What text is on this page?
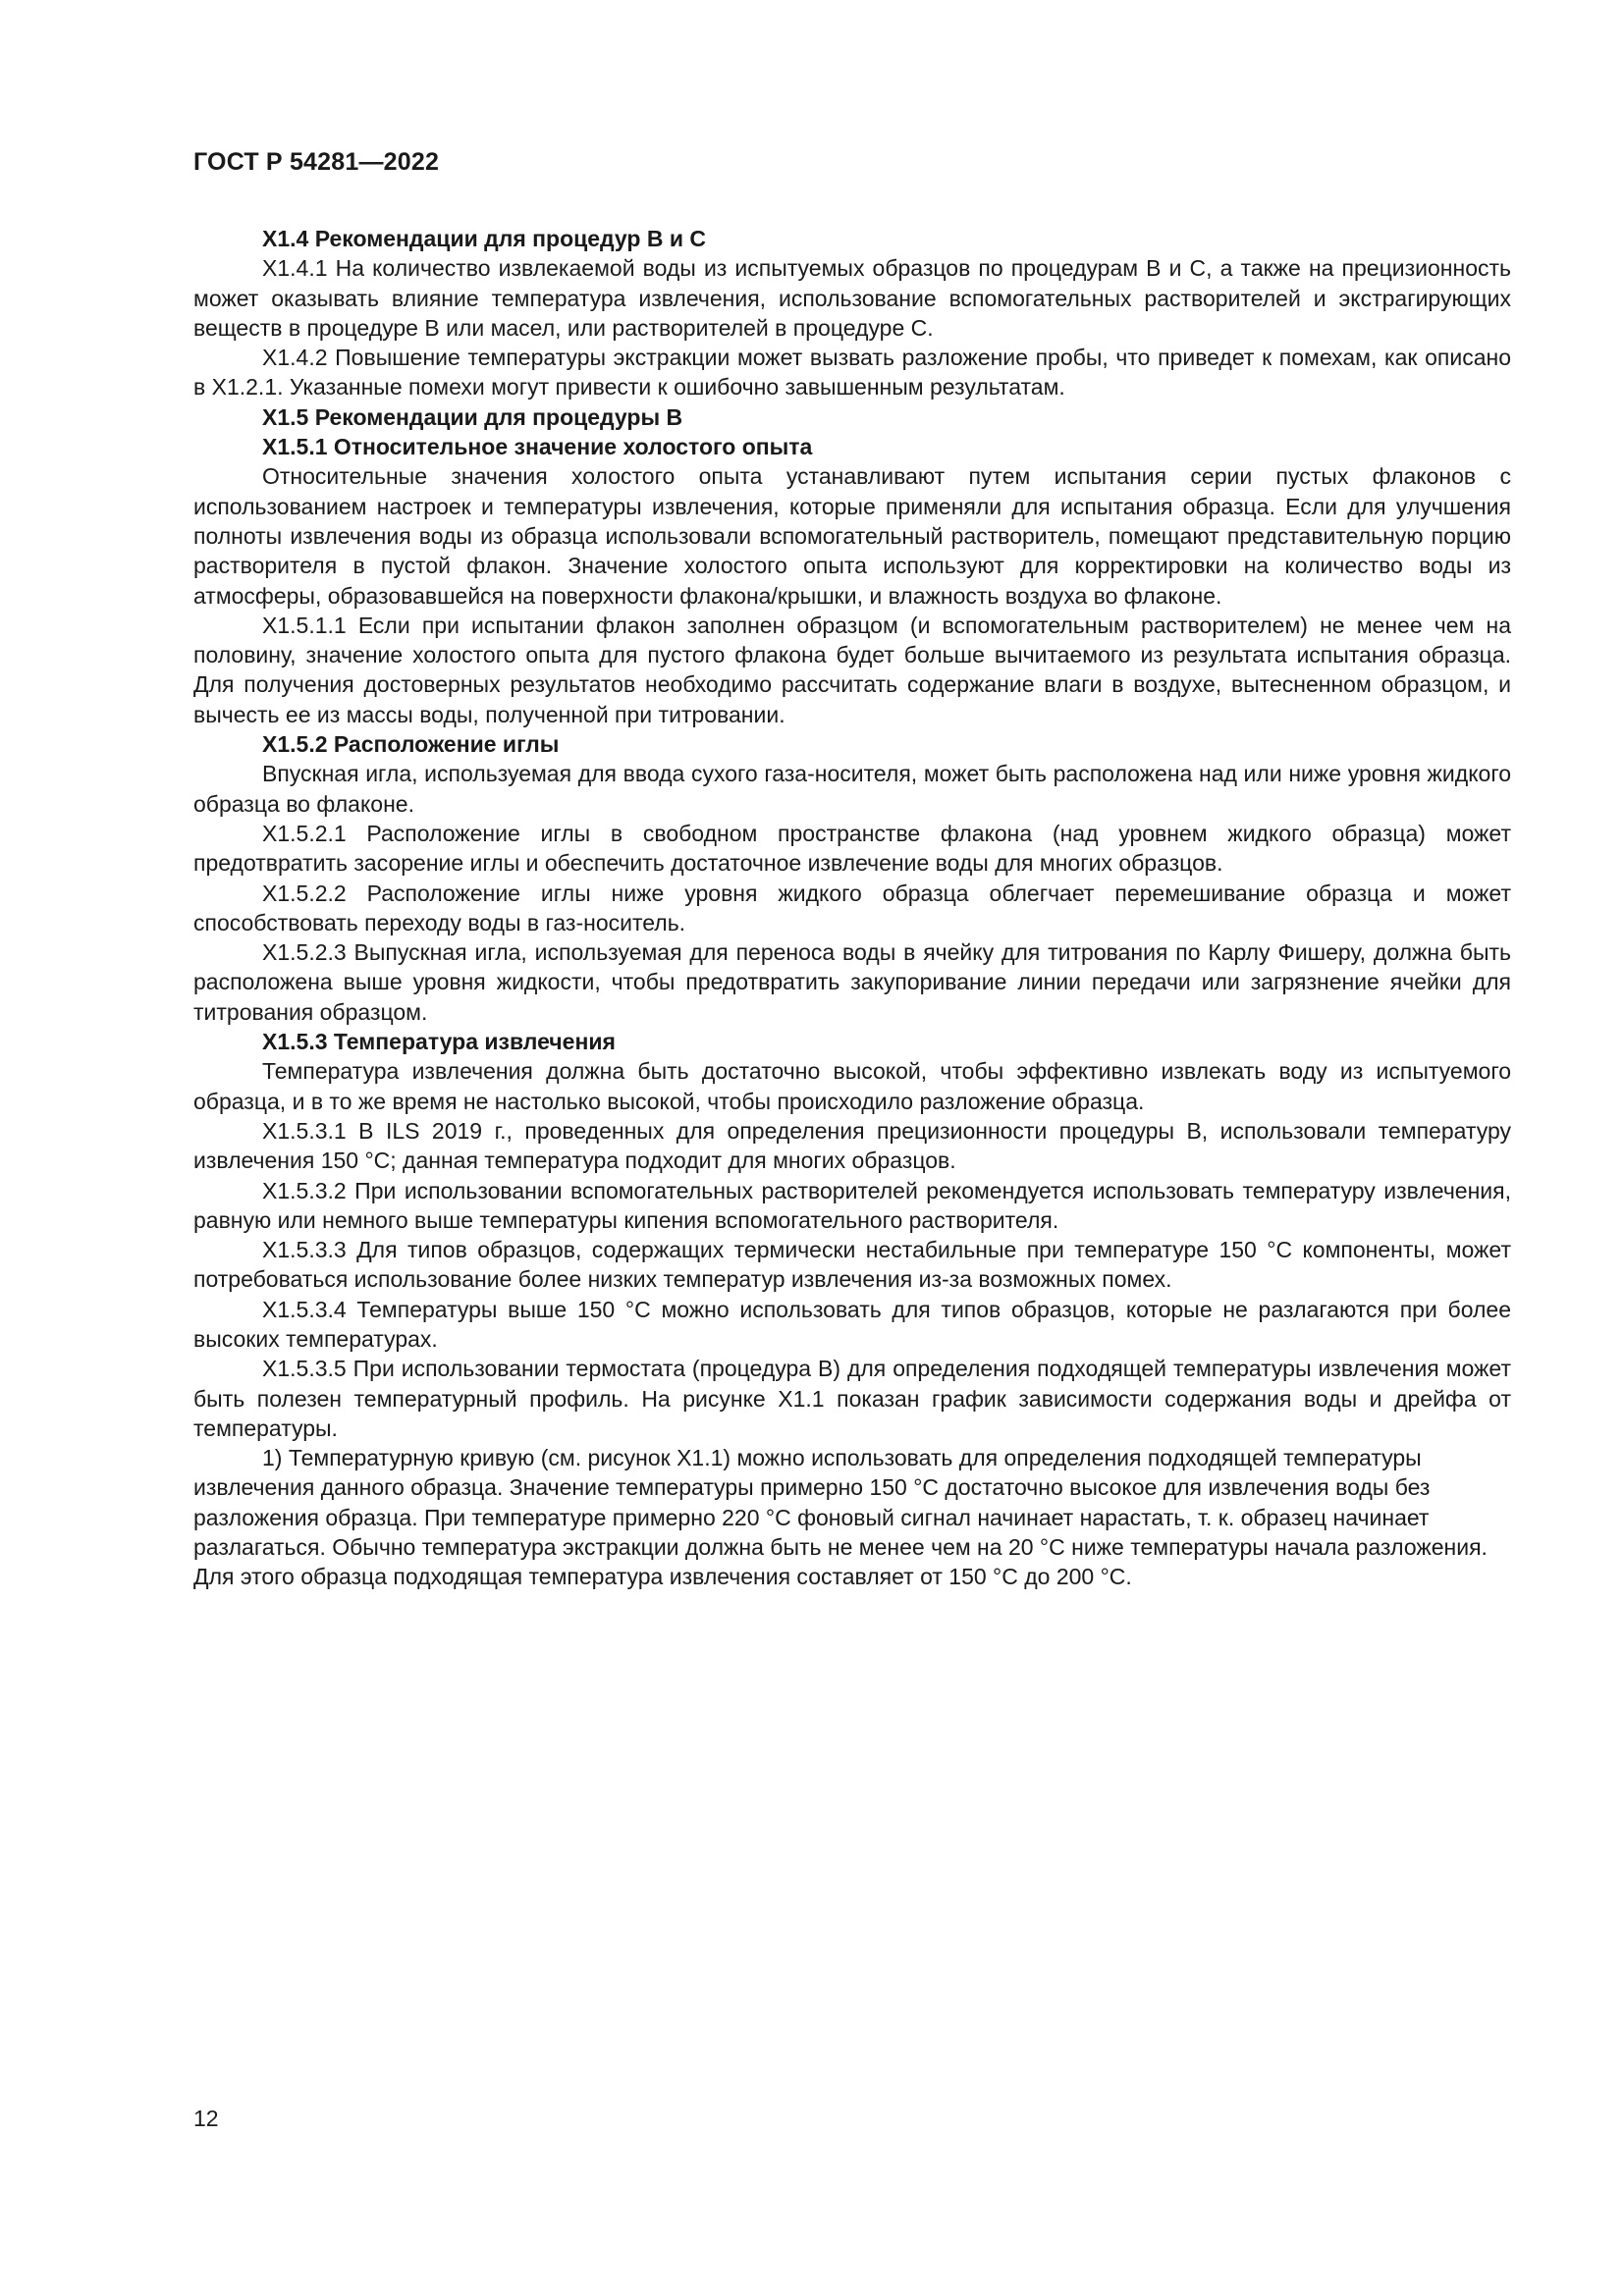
ГОСТ Р 54281—2022

X1.4 Рекомендации для процедур B и C

X1.4.1 На количество извлекаемой воды из испытуемых образцов по процедурам B и C, а также на прецизионность может оказывать влияние температура извлечения, использование вспомогательных растворителей и экстрагирующих веществ в процедуре B или масел, или растворителей в процедуре C.

X1.4.2 Повышение температуры экстракции может вызвать разложение пробы, что приведет к помехам, как описано в X1.2.1. Указанные помехи могут привести к ошибочно завышенным результатам.

X1.5 Рекомендации для процедуры B

X1.5.1 Относительное значение холостого опыта

Относительные значения холостого опыта устанавливают путем испытания серии пустых флаконов с использованием настроек и температуры извлечения, которые применяли для испытания образца. Если для улучшения полноты извлечения воды из образца использовали вспомогательный растворитель, помещают представительную порцию растворителя в пустой флакон. Значение холостого опыта используют для корректировки на количество воды из атмосферы, образовавшейся на поверхности флакона/крышки, и влажность воздуха во флаконе.

X1.5.1.1 Если при испытании флакон заполнен образцом (и вспомогательным растворителем) не менее чем на половину, значение холостого опыта для пустого флакона будет больше вычитаемого из результата испытания образца. Для получения достоверных результатов необходимо рассчитать содержание влаги в воздухе, вытесненном образцом, и вычесть ее из массы воды, полученной при титровании.

X1.5.2 Расположение иглы

Впускная игла, используемая для ввода сухого газа-носителя, может быть расположена над или ниже уровня жидкого образца во флаконе.

X1.5.2.1 Расположение иглы в свободном пространстве флакона (над уровнем жидкого образца) может предотвратить засорение иглы и обеспечить достаточное извлечение воды для многих образцов.

X1.5.2.2 Расположение иглы ниже уровня жидкого образца облегчает перемешивание образца и может способствовать переходу воды в газ-носитель.

X1.5.2.3 Выпускная игла, используемая для переноса воды в ячейку для титрования по Карлу Фишеру, должна быть расположена выше уровня жидкости, чтобы предотвратить закупоривание линии передачи или загрязнение ячейки для титрования образцом.

X1.5.3 Температура извлечения

Температура извлечения должна быть достаточно высокой, чтобы эффективно извлекать воду из испытуемого образца, и в то же время не настолько высокой, чтобы происходило разложение образца.

X1.5.3.1 В ILS 2019 г., проведенных для определения прецизионности процедуры B, использовали температуру извлечения 150 °C; данная температура подходит для многих образцов.

X1.5.3.2 При использовании вспомогательных растворителей рекомендуется использовать температуру извлечения, равную или немного выше температуры кипения вспомогательного растворителя.

X1.5.3.3 Для типов образцов, содержащих термически нестабильные при температуре 150 °C компоненты, может потребоваться использование более низких температур извлечения из-за возможных помех.

X1.5.3.4 Температуры выше 150 °C можно использовать для типов образцов, которые не разлагаются при более высоких температурах.

X1.5.3.5 При использовании термостата (процедура B) для определения подходящей температуры извлечения может быть полезен температурный профиль. На рисунке X1.1 показан график зависимости содержания воды и дрейфа от температуры.

1) Температурную кривую (см. рисунок X1.1) можно использовать для определения подходящей температуры извлечения данного образца. Значение температуры примерно 150 °C достаточно высокое для извлечения воды без разложения образца. При температуре примерно 220 °C фоновый сигнал начинает нарастать, т. к. образец начинает разлагаться. Обычно температура экстракции должна быть не менее чем на 20 °C ниже температуры начала разложения. Для этого образца подходящая температура извлечения составляет от 150 °C до 200 °C.

12
